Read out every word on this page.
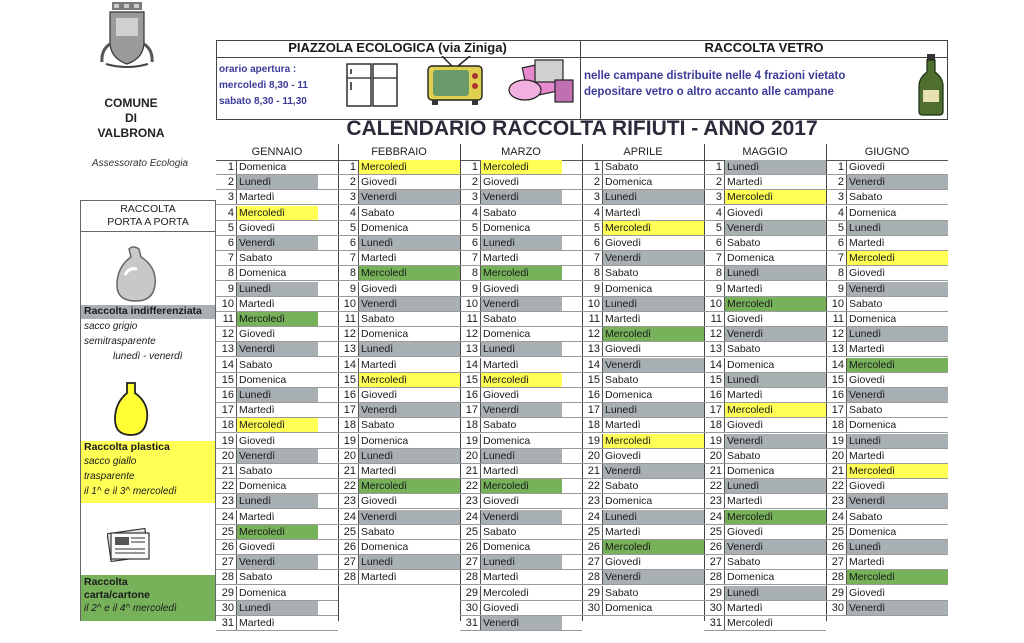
COMUNE
DI
VALBRONA
Assessorato Ecologia
RACCOLTA
PORTA A PORTA
Raccolta indifferenziata
sacco grigio
semitrasparente
lunedì - venerdì
Raccolta plastica
sacco giallo
trasparente
il 1^ e il 3^ mercoledì
Raccolta
carta/cartone
il 2^ e il 4^ mercoledì
PIAZZOLA ECOLOGICA (via Ziniga)	RACCOLTA VETRO
orario apertura :
mercoledì 8,30 - 11
sabato 8,30 - 11,30
nelle campane distribuite nelle 4 frazioni vietato
depositare vetro o altro accanto alle campane
CALENDARIO RACCOLTA RIFIUTI - ANNO 2017
GENNAIO
1 Domenica
2 Lunedì
3 Martedì
4 Mercoledì
5 Giovedì
6 Venerdì
7 Sabato
8 Domenica
9 Lunedì
10 Martedì
11 Mercoledì
12 Giovedì
13 Venerdì
14 Sabato
15 Domenica
16 Lunedì
17 Martedì
18 Mercoledì
19 Giovedì
20 Venerdì
21 Sabato
22 Domenica
23 Lunedì
24 Martedì
25 Mercoledì
26 Giovedì
27 Venerdì
28 Sabato
29 Domenica
30 Lunedì
31 Martedì
FEBBRAIO
1 Mercoledì
2 Giovedì
3 Venerdì
4 Sabato
5 Domenica
6 Lunedì
7 Martedì
8 Mercoledì
9 Giovedì
10 Venerdì
11 Sabato
12 Domenica
13 Lunedì
14 Martedì
15 Mercoledì
16 Giovedì
17 Venerdì
18 Sabato
19 Domenica
20 Lunedì
21 Martedì
22 Mercoledì
23 Giovedì
24 Venerdì
25 Sabato
26 Domenica
27 Lunedì
28 Martedì
MARZO
1 Mercoledì
2 Giovedì
3 Venerdì
4 Sabato
5 Domenica
6 Lunedì
7 Martedì
8 Mercoledì
9 Giovedì
10 Venerdì
11 Sabato
12 Domenica
13 Lunedì
14 Martedì
15 Mercoledì
16 Giovedì
17 Venerdì
18 Sabato
19 Domenica
20 Lunedì
21 Martedì
22 Mercoledì
23 Giovedì
24 Venerdì
25 Sabato
26 Domenica
27 Lunedì
28 Martedì
29 Mercoledì
30 Giovedì
31 Venerdì
APRILE
1 Sabato
2 Domenica
3 Lunedì
4 Martedì
5 Mercoledì
6 Giovedì
7 Venerdì
8 Sabato
9 Domenica
10 Lunedì
11 Martedì
12 Mercoledì
13 Giovedì
14 Venerdì
15 Sabato
16 Domenica
17 Lunedì
18 Martedì
19 Mercoledì
20 Giovedì
21 Venerdì
22 Sabato
23 Domenica
24 Lunedì
25 Martedì
26 Mercoledì
27 Giovedì
28 Venerdì
29 Sabato
30 Domenica
MAGGIO
1 Lunedì
2 Martedì
3 Mercoledì
4 Giovedì
5 Venerdì
6 Sabato
7 Domenica
8 Lunedì
9 Martedì
10 Mercoledì
11 Giovedì
12 Venerdì
13 Sabato
14 Domenica
15 Lunedì
16 Martedì
17 Mercoledì
18 Giovedì
19 Venerdì
20 Sabato
21 Domenica
22 Lunedì
23 Martedì
24 Mercoledì
25 Giovedì
26 Venerdì
27 Sabato
28 Domenica
29 Lunedì
30 Martedì
31 Mercoledì
GIUGNO
1 Giovedì
2 Venerdì
3 Sabato
4 Domenica
5 Lunedì
6 Martedì
7 Mercoledì
8 Giovedì
9 Venerdì
10 Sabato
11 Domenica
12 Lunedì
13 Martedì
14 Mercoledì
15 Giovedì
16 Venerdì
17 Sabato
18 Domenica
19 Lunedì
20 Martedì
21 Mercoledì
22 Giovedì
23 Venerdì
24 Sabato
25 Domenica
26 Lunedì
27 Martedì
28 Mercoledì
29 Giovedì
30 Venerdì
